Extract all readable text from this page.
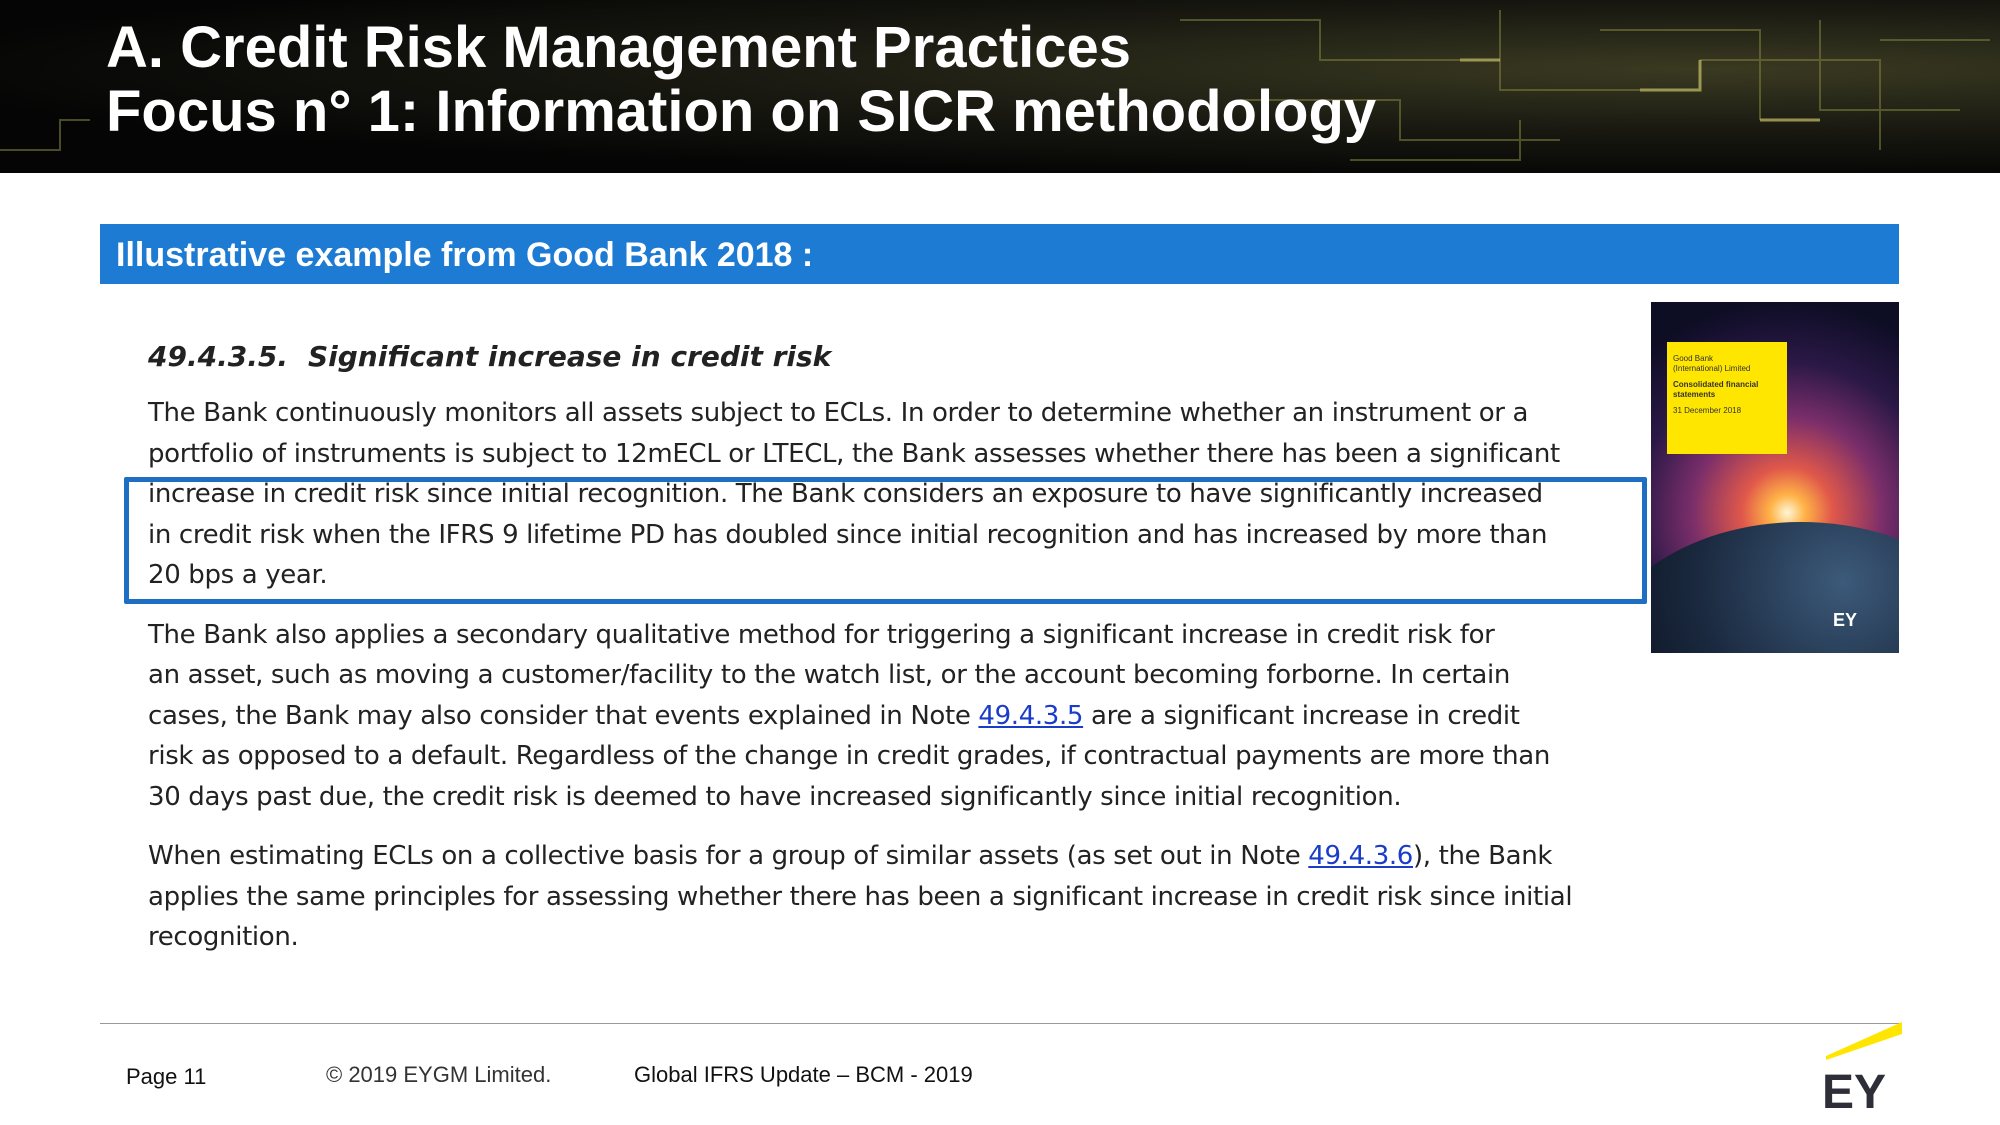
A. Credit Risk Management Practices
Focus n° 1: Information on SICR methodology
Illustrative example from Good Bank 2018 :
49.4.3.5. Significant increase in credit risk
The Bank continuously monitors all assets subject to ECLs. In order to determine whether an instrument or a
portfolio of instruments is subject to 12mECL or LTECL, the Bank assesses whether there has been a significant
increase in credit risk since initial recognition. The Bank considers an exposure to have significantly increased
in credit risk when the IFRS 9 lifetime PD has doubled since initial recognition and has increased by more than
20 bps a year.
The Bank also applies a secondary qualitative method for triggering a significant increase in credit risk for
an asset, such as moving a customer/facility to the watch list, or the account becoming forborne. In certain
cases, the Bank may also consider that events explained in Note 49.4.3.5 are a significant increase in credit
risk as opposed to a default. Regardless of the change in credit grades, if contractual payments are more than
30 days past due, the credit risk is deemed to have increased significantly since initial recognition.
When estimating ECLs on a collective basis for a group of similar assets (as set out in Note 49.4.3.6), the Bank
applies the same principles for assessing whether there has been a significant increase in credit risk since initial
recognition.
Good Bank
(International) Limited
Consolidated financial
statements
31 December 2018
EY
Page 11	© 2019 EYGM Limited.	Global IFRS Update – BCM - 2019	EY
